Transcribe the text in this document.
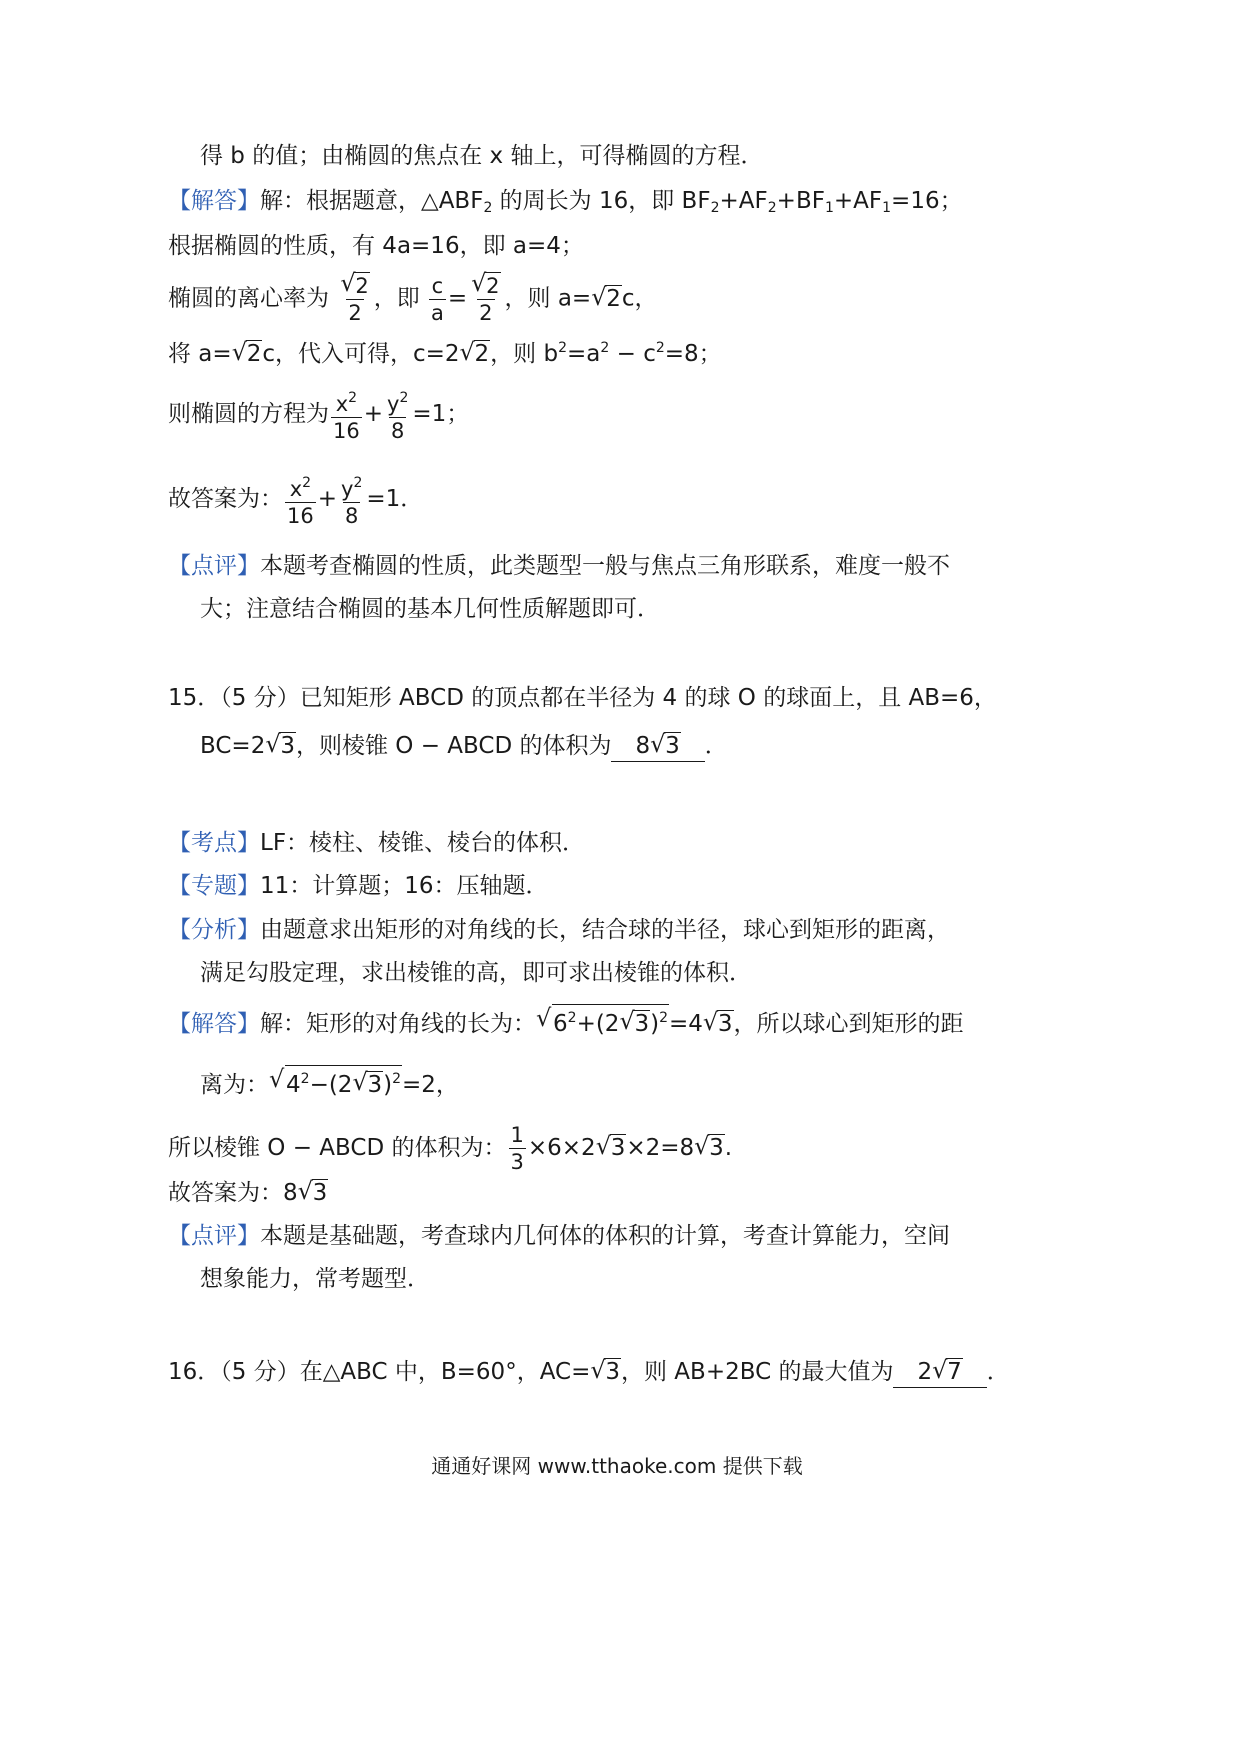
得 b 的值；由椭圆的焦点在 x 轴上，可得椭圆的方程．
【解答】解：根据题意，$\triangle ABF_2$ 的周长为 16，即 $BF_2+AF_2+BF_1+AF_1=16$；
根据椭圆的性质，有 4a=16，即 a=4；
椭圆的离心率为
√ $\frac{2}{2}$ ，即 $\frac{c}{a}$ =
√ $\frac{2}{2}$ ，则 a=√ 2c，
将 a=√ 2c，代入可得，c=2√ 2，则 $b^2=a^2 - c^2=8$；
则椭圆的方程为 $\frac{x^2}{16} + \frac{y^2}{8} =1$；
故答案为： $\frac{x^2}{16} + \frac{y^2}{8} =1$．
【点评】本题考查椭圆的性质，此类题型一般与焦点三角形联系，难度一般不
大；注意结合椭圆的基本几何性质解题即可．
15．（5 分）已知矩形 ABCD 的顶点都在半径为 4 的球 O 的球面上，且 AB=6，
BC=2√ 3，则棱锥 O − ABCD 的体积为 8√ 3 ．
【考点】LF：棱柱、棱锥、棱台的体积．
【专题】11：计算题；16：压轴题．
【分析】由题意求出矩形的对角线的长，结合球的半径，球心到矩形的距离，
满足勾股定理，求出棱锥的高，即可求出棱锥的体积．
【解答】解：矩形的对角线的长为：√ $6^2+(2√$ 3)$^2$=4√ 3，所以球心到矩形的距
离为：√ $4^2-(2√$ 3)$^2$=2，
所以棱锥 O − ABCD 的体积为： $\frac{1}{3} \times 6\times 2√$ 3×2=8√ 3.
故答案为：8√ 3
【点评】本题是基础题，考查球内几何体的体积的计算，考查计算能力，空间
想象能力，常考题型．
16．（5 分）在△ABC 中，B=60°，AC=√ 3，则 AB+2BC 的最大值为 2√ 7 ．
通通好课网 www.tthaoke.com 提供下载
